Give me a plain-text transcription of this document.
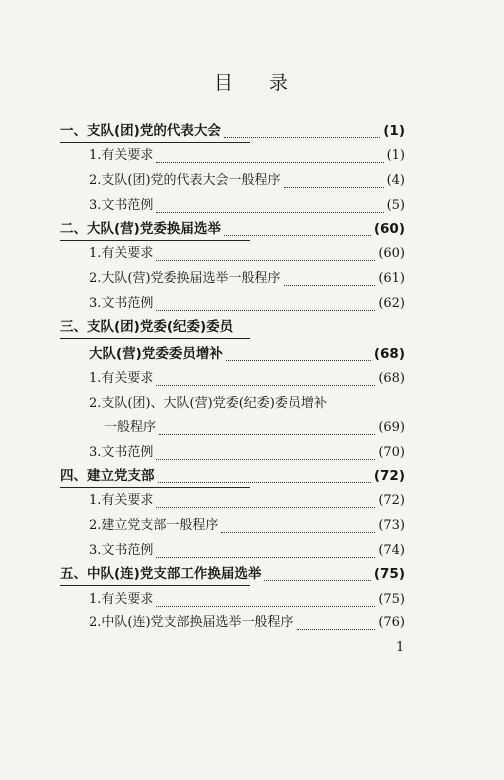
目 录
一、支队(团)党的代表大会	(1)
1.有关要求	(1)
2.支队(团)党的代表大会一般程序	(4)
3.文书范例	(5)
二、大队(营)党委换届选举	(60)
1.有关要求	(60)
2.大队(营)党委换届选举一般程序	(61)
3.文书范例	(62)
三、支队(团)党委(纪委)委员
大队(营)党委委员增补	(68)
1.有关要求	(68)
2.支队(团)、大队(营)党委(纪委)委员增补
一般程序	(69)
3.文书范例	(70)
四、建立党支部	(72)
1.有关要求	(72)
2.建立党支部一般程序	(73)
3.文书范例	(74)
五、中队(连)党支部工作换届选举	(75)
1.有关要求	(75)
2.中队(连)党支部换届选举一般程序	(76)
1
